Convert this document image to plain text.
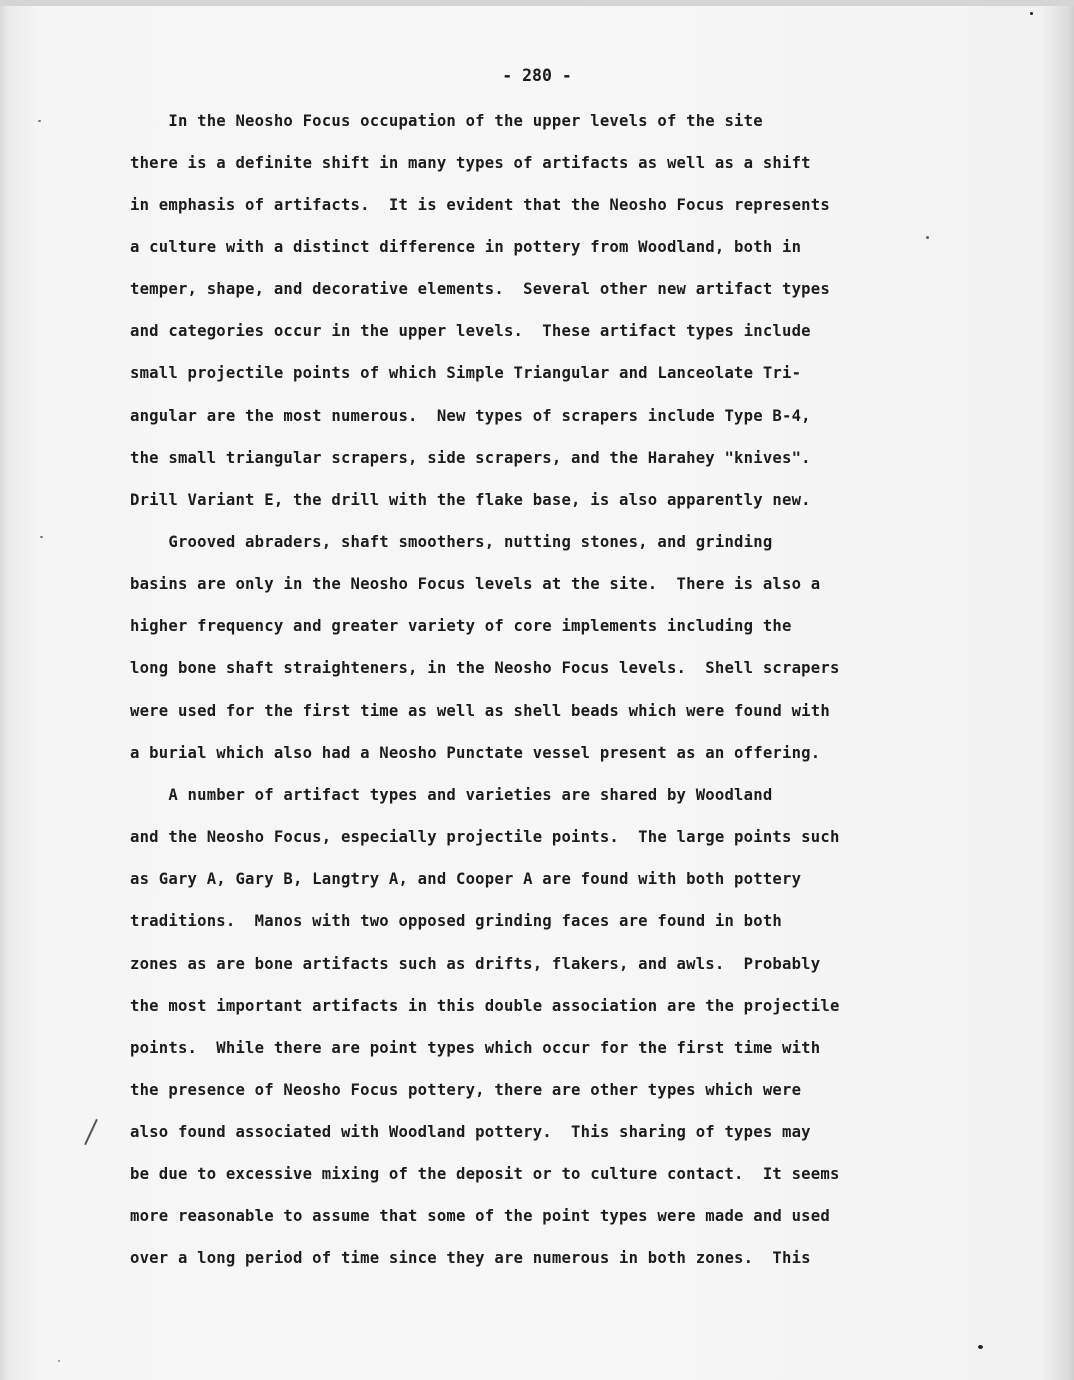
- 280 -
In the Neosho Focus occupation of the upper levels of the site
there is a definite shift in many types of artifacts as well as a shift
in emphasis of artifacts.  It is evident that the Neosho Focus represents
a culture with a distinct difference in pottery from Woodland, both in
temper, shape, and decorative elements.  Several other new artifact types
and categories occur in the upper levels.  These artifact types include
small projectile points of which Simple Triangular and Lanceolate Tri-
angular are the most numerous.  New types of scrapers include Type B-4,
the small triangular scrapers, side scrapers, and the Harahey "knives".
Drill Variant E, the drill with the flake base, is also apparently new.
Grooved abraders, shaft smoothers, nutting stones, and grinding
basins are only in the Neosho Focus levels at the site.  There is also a
higher frequency and greater variety of core implements including the
long bone shaft straighteners, in the Neosho Focus levels.  Shell scrapers
were used for the first time as well as shell beads which were found with
a burial which also had a Neosho Punctate vessel present as an offering.
A number of artifact types and varieties are shared by Woodland
and the Neosho Focus, especially projectile points.  The large points such
as Gary A, Gary B, Langtry A, and Cooper A are found with both pottery
traditions.  Manos with two opposed grinding faces are found in both
zones as are bone artifacts such as drifts, flakers, and awls.  Probably
the most important artifacts in this double association are the projectile
points.  While there are point types which occur for the first time with
the presence of Neosho Focus pottery, there are other types which were
also found associated with Woodland pottery.  This sharing of types may
be due to excessive mixing of the deposit or to culture contact.  It seems
more reasonable to assume that some of the point types were made and used
over a long period of time since they are numerous in both zones.  This
